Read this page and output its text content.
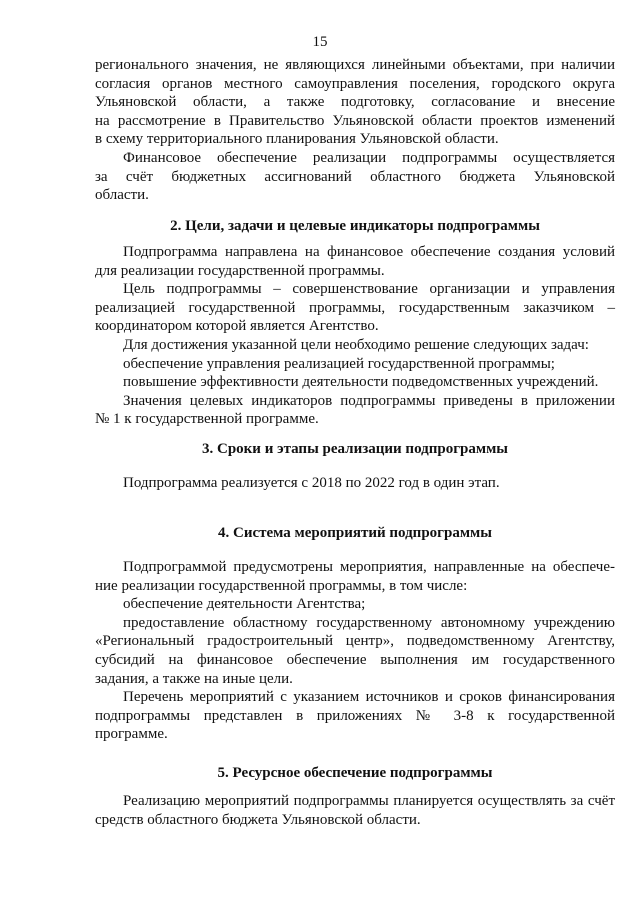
15

регионального значения, не являющихся линейными объектами, при наличии

согласия органов местного самоуправления поселения, городского округа

Ульяновской области, а также подготовку, согласование и внесение

на рассмотрение в Правительство Ульяновской области проектов изменений

в схему территориального планирования Ульяновской области.

Финансовое обеспечение реализации подпрограммы осуществляется

за счёт бюджетных ассигнований областного бюджета Ульяновской

области.

2. Цели, задачи и целевые индикаторы подпрограммы

Подпрограмма направлена на финансовое обеспечение создания условий

для реализации государственной программы.

Цель подпрограммы – совершенствование организации и управления

реализацией государственной программы, государственным заказчиком –

координатором которой является Агентство.

Для достижения указанной цели необходимо решение следующих задач:

обеспечение управления реализацией государственной программы;

повышение эффективности деятельности подведомственных учреждений.

Значения целевых индикаторов подпрограммы приведены в приложении

№ 1 к государственной программе.

3. Сроки и этапы реализации подпрограммы

Подпрограмма реализуется с 2018 по 2022 год в один этап.

4. Система мероприятий подпрограммы

Подпрограммой предусмотрены мероприятия, направленные на обеспече-

ние реализации государственной программы, в том числе:

обеспечение деятельности Агентства;

предоставление областному государственному автономному учреждению

«Региональный градостроительный центр», подведомственному Агентству,

субсидий на финансовое обеспечение выполнения им государственного

задания, а также на иные цели.

Перечень мероприятий с указанием источников и сроков финансирования

подпрограммы представлен в приложениях № 3-8 к государственной

программе.

5. Ресурсное обеспечение подпрограммы

Реализацию мероприятий подпрограммы планируется осуществлять за счёт

средств областного бюджета Ульяновской области.
